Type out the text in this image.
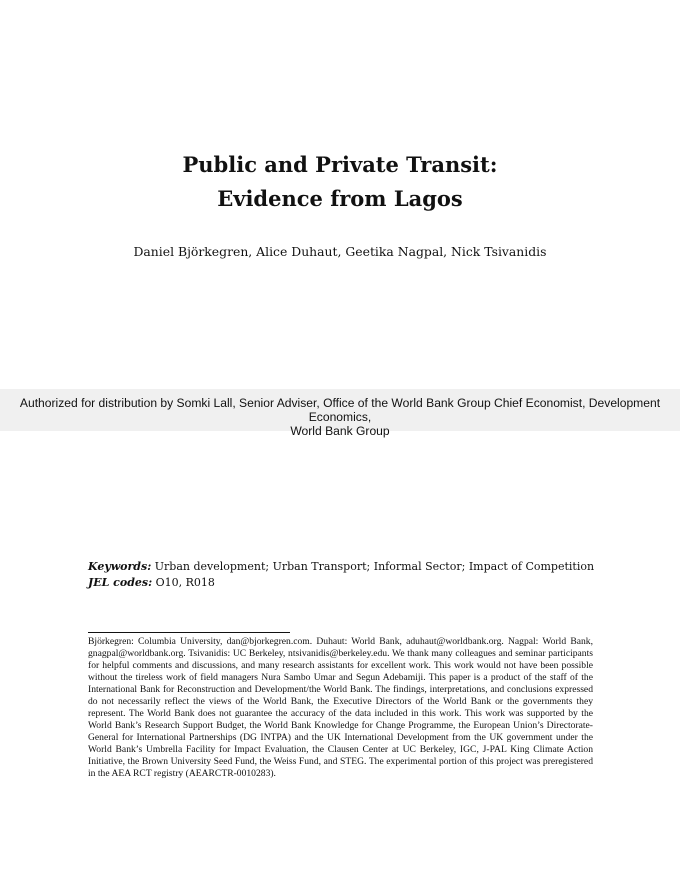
Public and Private Transit:
Evidence from Lagos
Daniel Björkegren, Alice Duhaut, Geetika Nagpal, Nick Tsivanidis
Authorized for distribution by Somki Lall, Senior Adviser, Office of the World Bank Group Chief Economist, Development Economics,
World Bank Group
Keywords: Urban development; Urban Transport; Informal Sector; Impact of Competition
JEL codes: O10, R018
Björkegren: Columbia University, dan@bjorkegren.com. Duhaut: World Bank, aduhaut@worldbank.org. Nagpal: World Bank, gnagpal@worldbank.org. Tsivanidis: UC Berkeley, ntsivanidis@berkeley.edu. We thank many colleagues and seminar participants for helpful comments and discussions, and many research assistants for excellent work. This work would not have been possible without the tireless work of field managers Nura Sambo Umar and Segun Adebamiji. This paper is a product of the staff of the International Bank for Reconstruction and Development/the World Bank. The findings, interpretations, and conclusions expressed do not necessarily reflect the views of the World Bank, the Executive Directors of the World Bank or the governments they represent. The World Bank does not guarantee the accuracy of the data included in this work. This work was supported by the World Bank’s Research Support Budget, the World Bank Knowledge for Change Programme, the European Union’s Directorate-General for International Partnerships (DG INTPA) and the UK International Development from the UK government under the World Bank’s Umbrella Facility for Impact Evaluation, the Clausen Center at UC Berkeley, IGC, J-PAL King Climate Action Initiative, the Brown University Seed Fund, the Weiss Fund, and STEG. The experimental portion of this project was preregistered in the AEA RCT registry (AEARCTR-0010283).
